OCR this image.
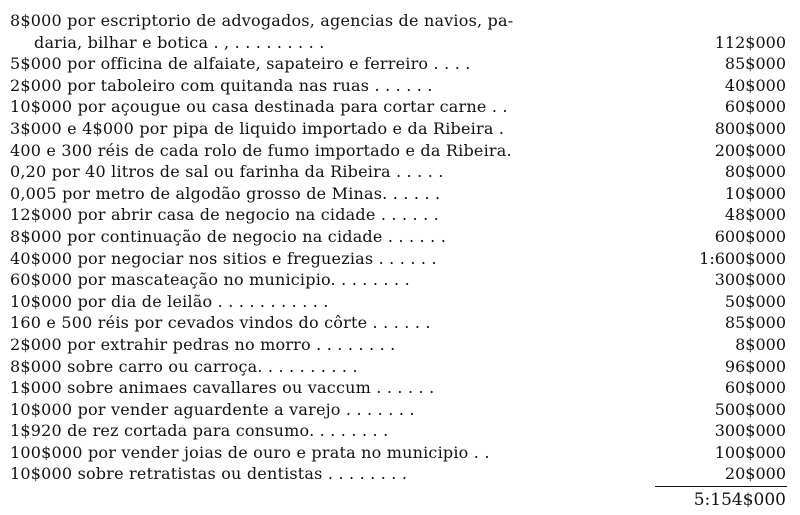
8$000 por escriptorio de advogados, agencias de navios, pa-
daria, bilhar e botica . , . . . . . . . . .	112$000
5$000 por officina de alfaiate, sapateiro e ferreiro . . . .	85$000
2$000 por taboleiro com quitanda nas ruas . . . . . .	40$000
10$000 por açougue ou casa destinada para cortar carne . .	60$000
3$000 e 4$000 por pipa de liquido importado e da Ribeira .	800$000
400 e 300 réis de cada rolo de fumo importado e da Ribeira.	200$000
0,20 por 40 litros de sal ou farinha da Ribeira . . . . .	80$000
0,005 por metro de algodão grosso de Minas. . . . . .	10$000
12$000 por abrir casa de negocio na cidade . . . . . .	48$000
8$000 por continuação de negocio na cidade . . . . . .	600$000
40$000 por negociar nos sitios e freguezias . . . . . .	1:600$000
60$000 por mascateação no municipio. . . . . . . .	300$000
10$000 por dia de leilão . . . . . . . . . . .	50$000
160 e 500 réis por cevados vindos do côrte . . . . . .	85$000
2$000 por extrahir pedras no morro . . . . . . . .	8$000
8$000 sobre carro ou carroça. . . . . . . . . .	96$000
1$000 sobre animaes cavallares ou vaccum . . . . . .	60$000
10$000 por vender aguardente a varejo . . . . . . .	500$000
1$920 de rez cortada para consumo. . . . . . . .	300$000
100$000 por vender joias de ouro e prata no municipio . .	100$000
10$000 sobre retratistas ou dentistas . . . . . . . .	20$000
5:154$000
